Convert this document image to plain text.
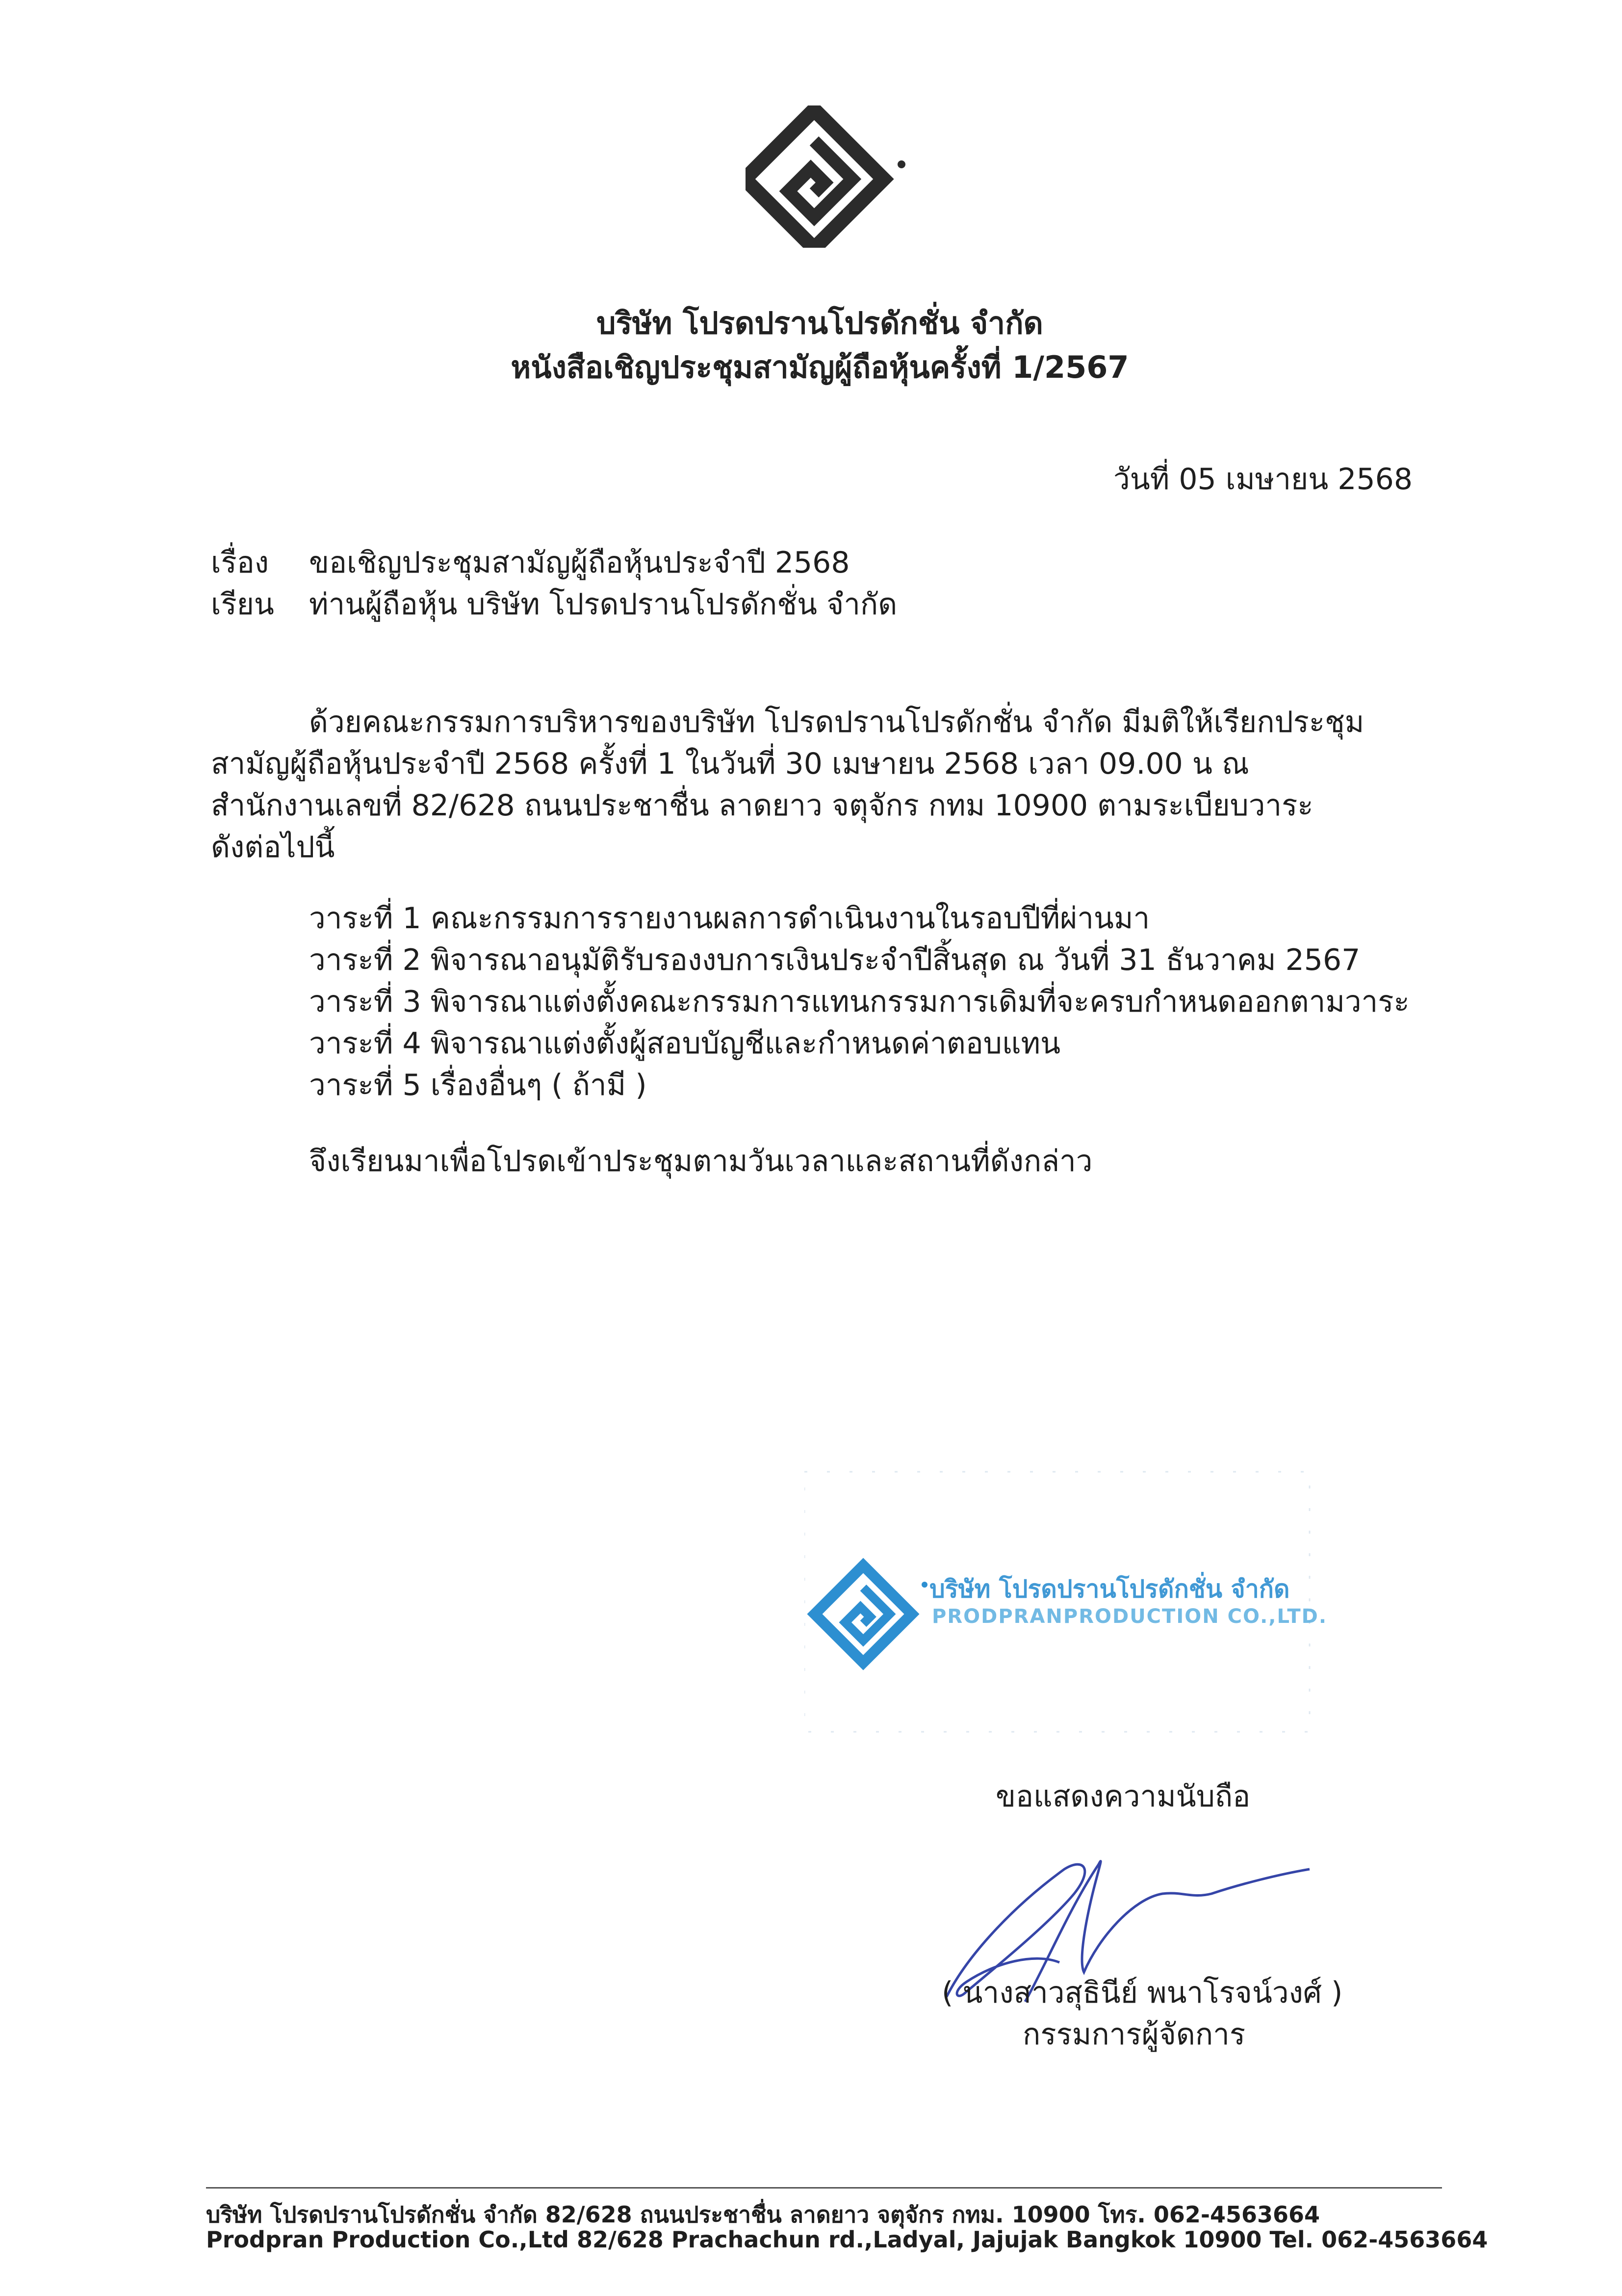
บริษัท โปรดปรานโปรดักชั่น จำกัด
หนังสือเชิญประชุมสามัญผู้ถือหุ้นครั้งที่ 1/2567
วันที่ 05 เมษายน 2568
เรื่อง ขอเชิญประชุมสามัญผู้ถือหุ้นประจำปี 2568
เรียน ท่านผู้ถือหุ้น บริษัท โปรดปรานโปรดักชั่น จำกัด
ด้วยคณะกรรมการบริหารของบริษัท โปรดปรานโปรดักชั่น จำกัด มีมติให้เรียกประชุม
สามัญผู้ถือหุ้นประจำปี 2568 ครั้งที่ 1 ในวันที่ 30 เมษายน 2568 เวลา 09.00 น ณ
สำนักงานเลขที่ 82/628 ถนนประชาชื่น ลาดยาว จตุจักร กทม 10900 ตามระเบียบวาระ
ดังต่อไปนี้
วาระที่ 1 คณะกรรมการรายงานผลการดำเนินงานในรอบปีที่ผ่านมา
วาระที่ 2 พิจารณาอนุมัติรับรองงบการเงินประจำปีสิ้นสุด ณ วันที่ 31 ธันวาคม 2567
วาระที่ 3 พิจารณาแต่งตั้งคณะกรรมการแทนกรรมการเดิมที่จะครบกำหนดออกตามวาระ
วาระที่ 4 พิจารณาแต่งตั้งผู้สอบบัญชีและกำหนดค่าตอบแทน
วาระที่ 5 เรื่องอื่นๆ ( ถ้ามี )
จึงเรียนมาเพื่อโปรดเข้าประชุมตามวันเวลาและสถานที่ดังกล่าว
บริษัท โปรดปรานโปรดักชั่น จำกัด
PRODPRANPRODUCTION CO.,LTD.
ขอแสดงความนับถือ
( นางสาวสุธินีย์ พนาโรจน์วงศ์ )
กรรมการผู้จัดการ
บริษัท โปรดปรานโปรดักชั่น จำกัด 82/628 ถนนประชาชื่น ลาดยาว จตุจักร กทม. 10900 โทร. 062-4563664
Prodpran Production Co.,Ltd 82/628 Prachachun rd.,Ladyal, Jajujak Bangkok 10900 Tel. 062-4563664
